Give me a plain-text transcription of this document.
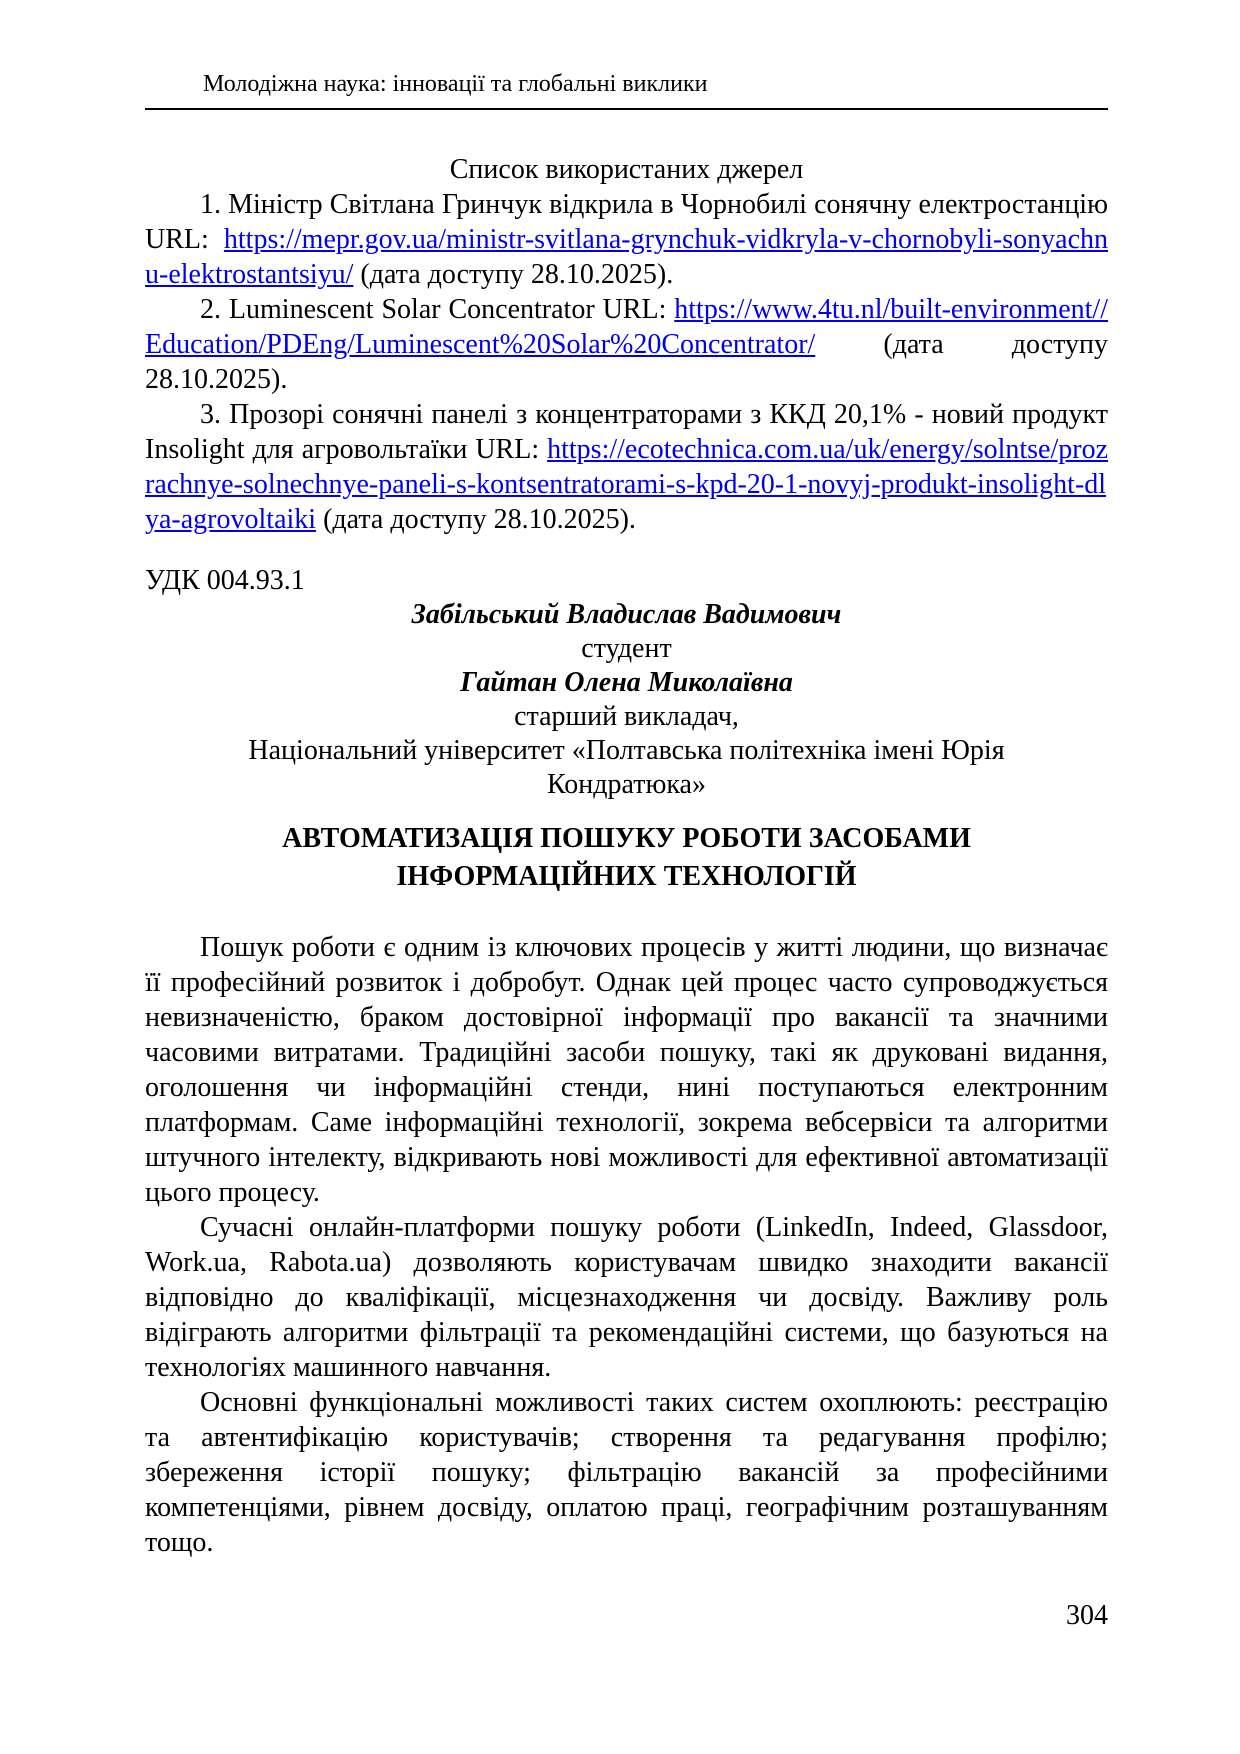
Молодіжна наука: інновації та глобальні виклики
Список використаних джерел

1. Міністр Світлана Гринчук відкрила в Чорнобилі сонячну електростанцію URL: https://mepr.gov.ua/ministr-svitlana-grynchuk-vidkryla-v-chornobyli-sonyachnu-elektrostantsiyu/ (дата доступу 28.10.2025).

2. Luminescent Solar Concentrator URL: https://www.4tu.nl/built-environment//Education/PDEng/Luminescent%20Solar%20Concentrator/ (дата доступу 28.10.2025).

3. Прозорі сонячні панелі з концентраторами з ККД 20,1% - новий продукт Insolight для агровольтаїки URL: https://ecotechnica.com.ua/uk/energy/solntse/prozrachnye-solnechnye-paneli-s-kontsentratorami-s-kpd-20-1-novyj-produkt-insolight-dlya-agrovoltaiki (дата доступу 28.10.2025).

УДК 004.93.1
Забільський Владислав Вадимович
студент
Гайтан Олена Миколаївна
старший викладач,
Національний університет «Полтавська політехніка імені Юрія Кондратюка»
АВТОМАТИЗАЦІЯ ПОШУКУ РОБОТИ ЗАСОБАМИ ІНФОРМАЦІЙНИХ ТЕХНОЛОГІЙ

Пошук роботи є одним із ключових процесів у житті людини, що визначає її професійний розвиток і добробут. Однак цей процес часто супроводжується невизначеністю, браком достовірної інформації про вакансії та значними часовими витратами. Традиційні засоби пошуку, такі як друковані видання, оголошення чи інформаційні стенди, нині поступаються електронним платформам. Саме інформаційні технології, зокрема вебсервіси та алгоритми штучного інтелекту, відкривають нові можливості для ефективної автоматизації цього процесу.

Сучасні онлайн-платформи пошуку роботи (LinkedIn, Indeed, Glassdoor, Work.ua, Rabota.ua) дозволяють користувачам швидко знаходити вакансії відповідно до кваліфікації, місцезнаходження чи досвіду. Важливу роль відіграють алгоритми фільтрації та рекомендаційні системи, що базуються на технологіях машинного навчання.

Основні функціональні можливості таких систем охоплюють: реєстрацію та автентифікацію користувачів; створення та редагування профілю; збереження історії пошуку; фільтрацію вакансій за професійними компетенціями, рівнем досвіду, оплатою праці, географічним розташуванням тощо.

304
